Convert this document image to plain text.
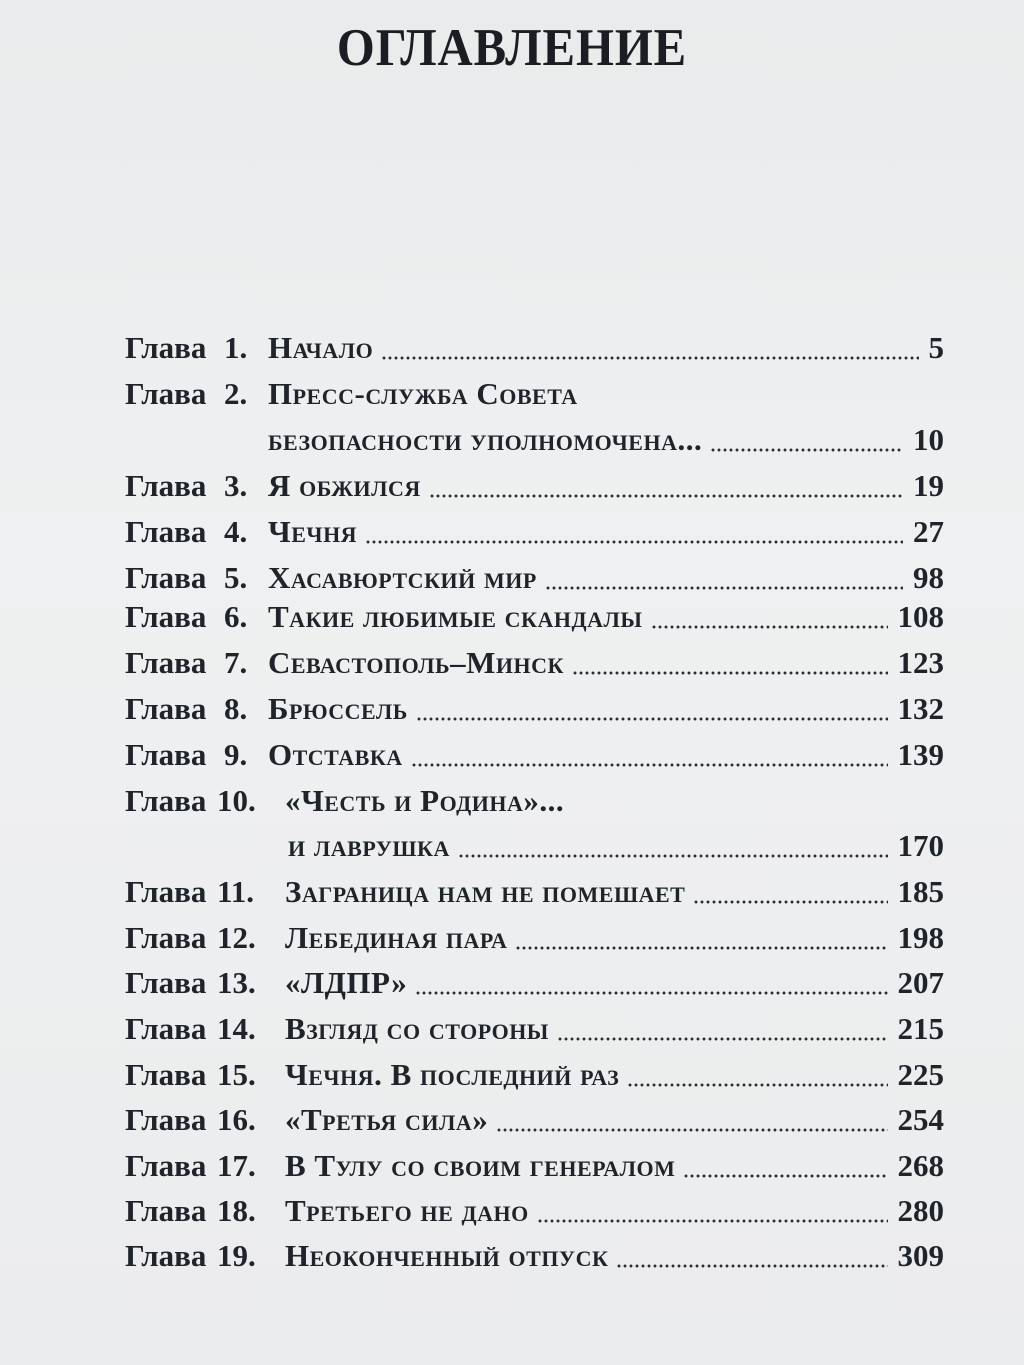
ОГЛАВЛЕНИЕ
Глава 1. Начало	5
Глава 2. Пресс-служба Совета
безопасности уполномочена...	10
Глава 3. Я обжился	19
Глава 4. Чечня	27
Глава 5. Хасавюртский мир	98
Глава 6. Такие любимые скандалы	108
Глава 7. Севастополь–Минск	123
Глава 8. Брюссель	132
Глава 9. Отставка	139
Глава 10. «Честь и Родина»...
и лаврушка	170
Глава 11. Заграница нам не помешает	185
Глава 12. Лебединая пара	198
Глава 13. «ЛДПР»	207
Глава 14. Взгляд со стороны	215
Глава 15. Чечня. В последний раз	225
Глава 16. «Третья сила»	254
Глава 17. В Тулу со своим генералом	268
Глава 18. Третьего не дано	280
Глава 19. Неоконченный отпуск	309
